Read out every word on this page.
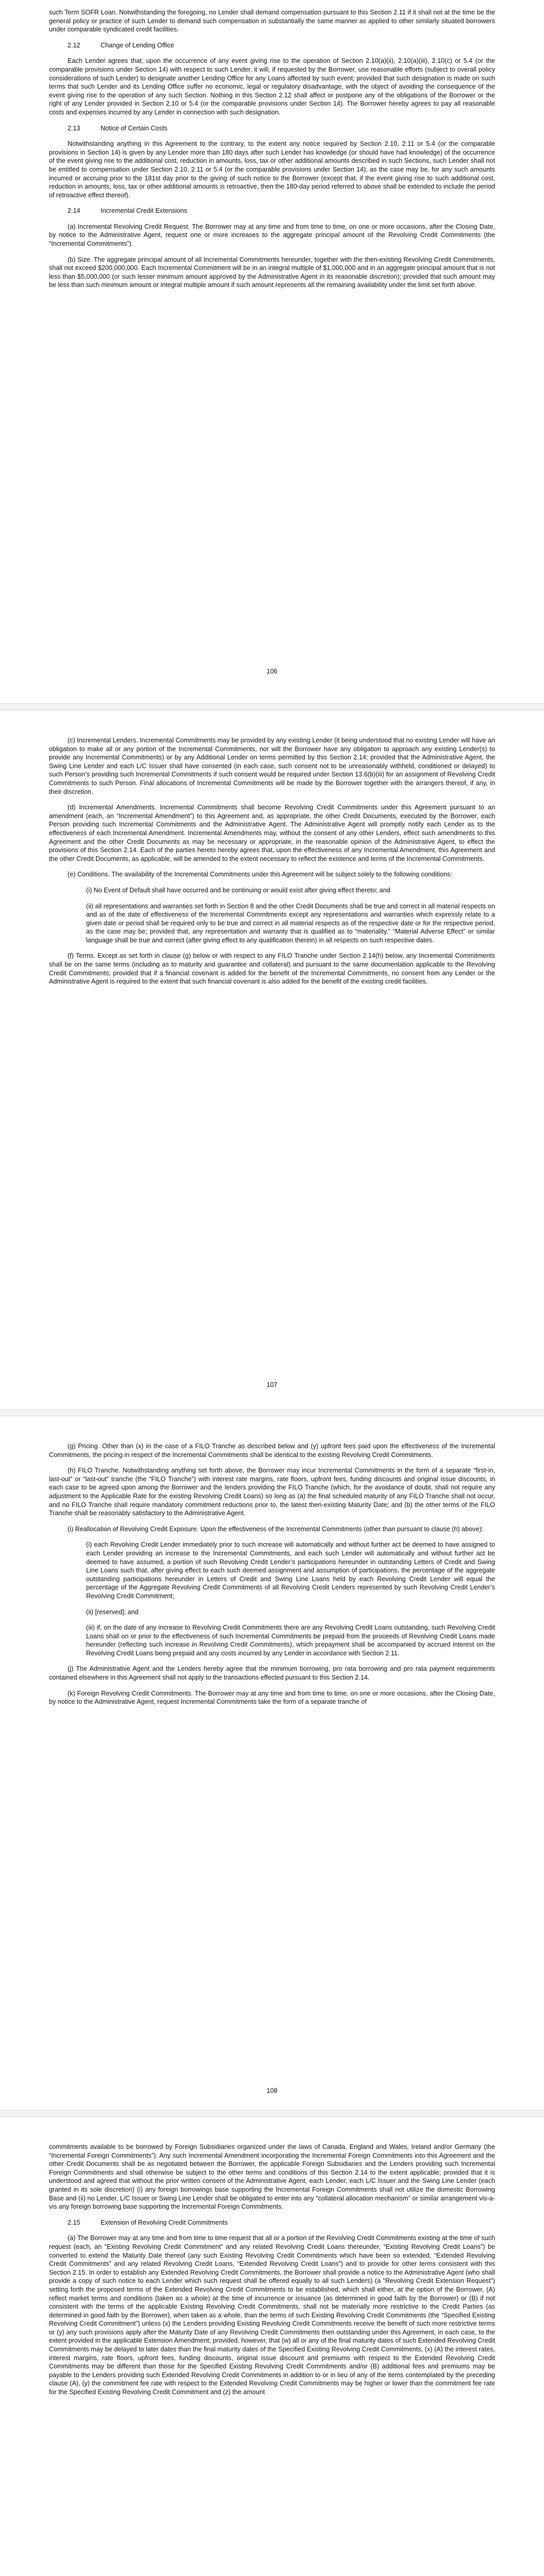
such Term SOFR Loan. Notwithstanding the foregoing, no Lender shall demand compensation pursuant to this Section 2.11 if it shall not at the time be the general policy or practice of such Lender to demand such compensation in substantially the same manner as applied to other similarly situated borrowers under comparable syndicated credit facilities.

2.12	Change of Lending Office

Each Lender agrees that, upon the occurrence of any event giving rise to the operation of Section 2.10(a)(ii), 2.10(a)(iii), 2.10(c) or 5.4 (or the comparable provisions under Section 14) with respect to such Lender, it will, if requested by the Borrower, use reasonable efforts (subject to overall policy considerations of such Lender) to designate another Lending Office for any Loans affected by such event; provided that such designation is made on such terms that such Lender and its Lending Office suffer no economic, legal or regulatory disadvantage, with the object of avoiding the consequence of the event giving rise to the operation of any such Section. Nothing in this Section 2.12 shall affect or postpone any of the obligations of the Borrower or the right of any Lender provided in Section 2.10 or 5.4 (or the comparable provisions under Section 14). The Borrower hereby agrees to pay all reasonable costs and expenses incurred by any Lender in connection with such designation.

2.13	Notice of Certain Costs

Notwithstanding anything in this Agreement to the contrary, to the extent any notice required by Section 2.10, 2.11 or 5.4 (or the comparable provisions in Section 14) is given by any Lender more than 180 days after such Lender has knowledge (or should have had knowledge) of the occurrence of the event giving rise to the additional cost, reduction in amounts, loss, tax or other additional amounts described in such Sections, such Lender shall not be entitled to compensation under Section 2.10, 2.11 or 5.4 (or the comparable provisions under Section 14), as the case may be, for any such amounts incurred or accruing prior to the 181st day prior to the giving of such notice to the Borrower (except that, if the event giving rise to such additional cost, reduction in amounts, loss, tax or other additional amounts is retroactive, then the 180-day period referred to above shall be extended to include the period of retroactive effect thereof).

2.14	Incremental Credit Extensions

(a) Incremental Revolving Credit Request. The Borrower may at any time and from time to time, on one or more occasions, after the Closing Date, by notice to the Administrative Agent, request one or more increases to the aggregate principal amount of the Revolving Credit Commitments (the “Incremental Commitments”).

(b) Size. The aggregate principal amount of all Incremental Commitments hereunder, together with the then-existing Revolving Credit Commitments, shall not exceed $200,000,000. Each Incremental Commitment will be in an integral multiple of $1,000,000 and in an aggregate principal amount that is not less than $5,000,000 (or such lesser minimum amount approved by the Administrative Agent in its reasonable discretion); provided that such amount may be less than such minimum amount or integral multiple amount if such amount represents all the remaining availability under the limit set forth above.

106

(c) Incremental Lenders. Incremental Commitments may be provided by any existing Lender (it being understood that no existing Lender will have an obligation to make all or any portion of the Incremental Commitments, nor will the Borrower have any obligation to approach any existing Lender(s) to provide any Incremental Commitments) or by any Additional Lender on terms permitted by this Section 2.14; provided that the Administrative Agent, the Swing Line Lender and each L/C Issuer shall have consented (in each case, such consent not to be unreasonably withheld, conditioned or delayed) to such Person’s providing such Incremental Commitments if such consent would be required under Section 13.6(b)(iii) for an assignment of Revolving Credit Commitments to such Person. Final allocations of Incremental Commitments will be made by the Borrower together with the arrangers thereof, if any, in their discretion.

(d) Incremental Amendments. Incremental Commitments shall become Revolving Credit Commitments under this Agreement pursuant to an amendment (each, an “Incremental Amendment”) to this Agreement and, as appropriate, the other Credit Documents, executed by the Borrower, each Person providing such Incremental Commitments and the Administrative Agent. The Administrative Agent will promptly notify each Lender as to the effectiveness of each Incremental Amendment. Incremental Amendments may, without the consent of any other Lenders, effect such amendments to this Agreement and the other Credit Documents as may be necessary or appropriate, in the reasonable opinion of the Administrative Agent, to effect the provisions of this Section 2.14. Each of the parties hereto hereby agrees that, upon the effectiveness of any Incremental Amendment, this Agreement and the other Credit Documents, as applicable, will be amended to the extent necessary to reflect the existence and terms of the Incremental Commitments.

(e) Conditions. The availability of the Incremental Commitments under this Agreement will be subject solely to the following conditions:

(i) No Event of Default shall have occurred and be continuing or would exist after giving effect thereto; and

(ii) all representations and warranties set forth in Section 8 and the other Credit Documents shall be true and correct in all material respects on and as of the date of effectiveness of the Incremental Commitments except any representations and warranties which expressly relate to a given date or period shall be required only to be true and correct in all material respects as of the respective date or for the respective period, as the case may be; provided that, any representation and warranty that is qualified as to “materiality,” “Material Adverse Effect” or similar language shall be true and correct (after giving effect to any qualification therein) in all respects on such respective dates.

(f) Terms. Except as set forth in clause (g) below or with respect to any FILO Tranche under Section 2.14(h) below, any Incremental Commitments shall be on the same terms (including as to maturity and guarantee and collateral) and pursuant to the same documentation applicable to the Revolving Credit Commitments; provided that if a financial covenant is added for the benefit of the Incremental Commitments, no consent from any Lender or the Administrative Agent is required to the extent that such financial covenant is also added for the benefit of the existing credit facilities.

107

(g) Pricing. Other than (x) in the case of a FILO Tranche as described below and (y) upfront fees paid upon the effectiveness of the Incremental Commitments, the pricing in respect of the Incremental Commitments shall be identical to the existing Revolving Credit Commitments.

(h) FILO Tranche. Notwithstanding anything set forth above, the Borrower may incur Incremental Commitments in the form of a separate “first-in, last-out” or “last-out” tranche (the “FILO Tranche”) with interest rate margins, rate floors, upfront fees, funding discounts and original issue discounts, in each case to be agreed upon among the Borrower and the lenders providing the FILO Tranche (which, for the avoidance of doubt, shall not require any adjustment to the Applicable Rate for the existing Revolving Credit Loans) so long as (a) the final scheduled maturity of any FILO Tranche shall not occur, and no FILO Tranche shall require mandatory commitment reductions prior to, the latest then-existing Maturity Date; and (b) the other terms of the FILO Tranche shall be reasonably satisfactory to the Administrative Agent.

(i) Reallocation of Revolving Credit Exposure. Upon the effectiveness of the Incremental Commitments (other than pursuant to clause (h) above):

(i) each Revolving Credit Lender immediately prior to such increase will automatically and without further act be deemed to have assigned to each Lender providing an increase to the Incremental Commitments, and each such Lender will automatically and without further act be deemed to have assumed, a portion of such Revolving Credit Lender’s participations hereunder in outstanding Letters of Credit and Swing Line Loans such that, after giving effect to each such deemed assignment and assumption of participations, the percentage of the aggregate outstanding participations hereunder in Letters of Credit and Swing Line Loans held by each Revolving Credit Lender will equal the percentage of the Aggregate Revolving Credit Commitments of all Revolving Credit Lenders represented by such Revolving Credit Lender’s Revolving Credit Commitment;

(ii) [reserved]; and

(iii) if, on the date of any increase to Revolving Credit Commitments there are any Revolving Credit Loans outstanding, such Revolving Credit Loans shall on or prior to the effectiveness of such Incremental Commitments be prepaid from the proceeds of Revolving Credit Loans made hereunder (reflecting such increase in Revolving Credit Commitments), which prepayment shall be accompanied by accrued interest on the Revolving Credit Loans being prepaid and any costs incurred by any Lender in accordance with Section 2.11.

(j) The Administrative Agent and the Lenders hereby agree that the minimum borrowing, pro rata borrowing and pro rata payment requirements contained elsewhere in this Agreement shall not apply to the transactions effected pursuant to this Section 2.14.

(k) Foreign Revolving Credit Commitments. The Borrower may at any time and from time to time, on one or more occasions, after the Closing Date, by notice to the Administrative Agent, request Incremental Commitments take the form of a separate tranche of

108

commitments available to be borrowed by Foreign Subsidiaries organized under the laws of Canada, England and Wales, Ireland and/or Germany (the “Incremental Foreign Commitments”). Any such Incremental Amendment incorporating the Incremental Foreign Commitments into this Agreement and the other Credit Documents shall be as negotiated between the Borrower, the applicable Foreign Subsidiaries and the Lenders providing such Incremental Foreign Commitments and shall otherwise be subject to the other terms and conditions of this Section 2.14 to the extent applicable; provided that it is understood and agreed that without the prior written consent of the Administrative Agent, each Lender, each L/C Issuer and the Swing Line Lender (each granted in its sole discretion) (i) any foreign borrowings base supporting the Incremental Foreign Commitments shall not utilize the domestic Borrowing Base and (ii) no Lender, L/C Issuer or Swing Line Lender shall be obligated to enter into any “collateral allocation mechanism” or similar arrangement vis-a-vis any foreign borrowing base supporting the Incremental Foreign Commitments.

2.15	Extension of Revolving Credit Commitments

(a) The Borrower may at any time and from time to time request that all or a portion of the Revolving Credit Commitments existing at the time of such request (each, an “Existing Revolving Credit Commitment” and any related Revolving Credit Loans thereunder, “Existing Revolving Credit Loans”) be converted to extend the Maturity Date thereof (any such Existing Revolving Credit Commitments which have been so extended, “Extended Revolving Credit Commitments” and any related Revolving Credit Loans, “Extended Revolving Credit Loans”) and to provide for other terms consistent with this Section 2.15. In order to establish any Extended Revolving Credit Commitments, the Borrower shall provide a notice to the Administrative Agent (who shall provide a copy of such notice to each Lender which such request shall be offered equally to all such Lenders) (a “Revolving Credit Extension Request”) setting forth the proposed terms of the Extended Revolving Credit Commitments to be established, which shall either, at the option of the Borrower, (A) reflect market terms and conditions (taken as a whole) at the time of incurrence or issuance (as determined in good faith by the Borrower) or (B) if not consistent with the terms of the applicable Existing Revolving Credit Commitments, shall not be materially more restrictive to the Credit Parties (as determined in good faith by the Borrower), when taken as a whole, than the terms of such Existing Revolving Credit Commitments (the “Specified Existing Revolving Credit Commitment”) unless (x) the Lenders providing Existing Revolving Credit Commitments receive the benefit of such more restrictive terms or (y) any such provisions apply after the Maturity Date of any Revolving Credit Commitments then outstanding under this Agreement, in each case, to the extent provided in the applicable Extension Amendment; provided, however, that (w) all or any of the final maturity dates of such Extended Revolving Credit Commitments may be delayed to later dates than the final maturity dates of the Specified Existing Revolving Credit Commitments, (x) (A) the interest rates, interest margins, rate floors, upfront fees, funding discounts, original issue discount and premiums with respect to the Extended Revolving Credit Commitments may be different than those for the Specified Existing Revolving Credit Commitments and/or (B) additional fees and premiums may be payable to the Lenders providing such Extended Revolving Credit Commitments in addition to or in lieu of any of the items contemplated by the preceding clause (A), (y) the commitment fee rate with respect to the Extended Revolving Credit Commitments may be higher or lower than the commitment fee rate for the Specified Existing Revolving Credit Commitment and (z) the amount
